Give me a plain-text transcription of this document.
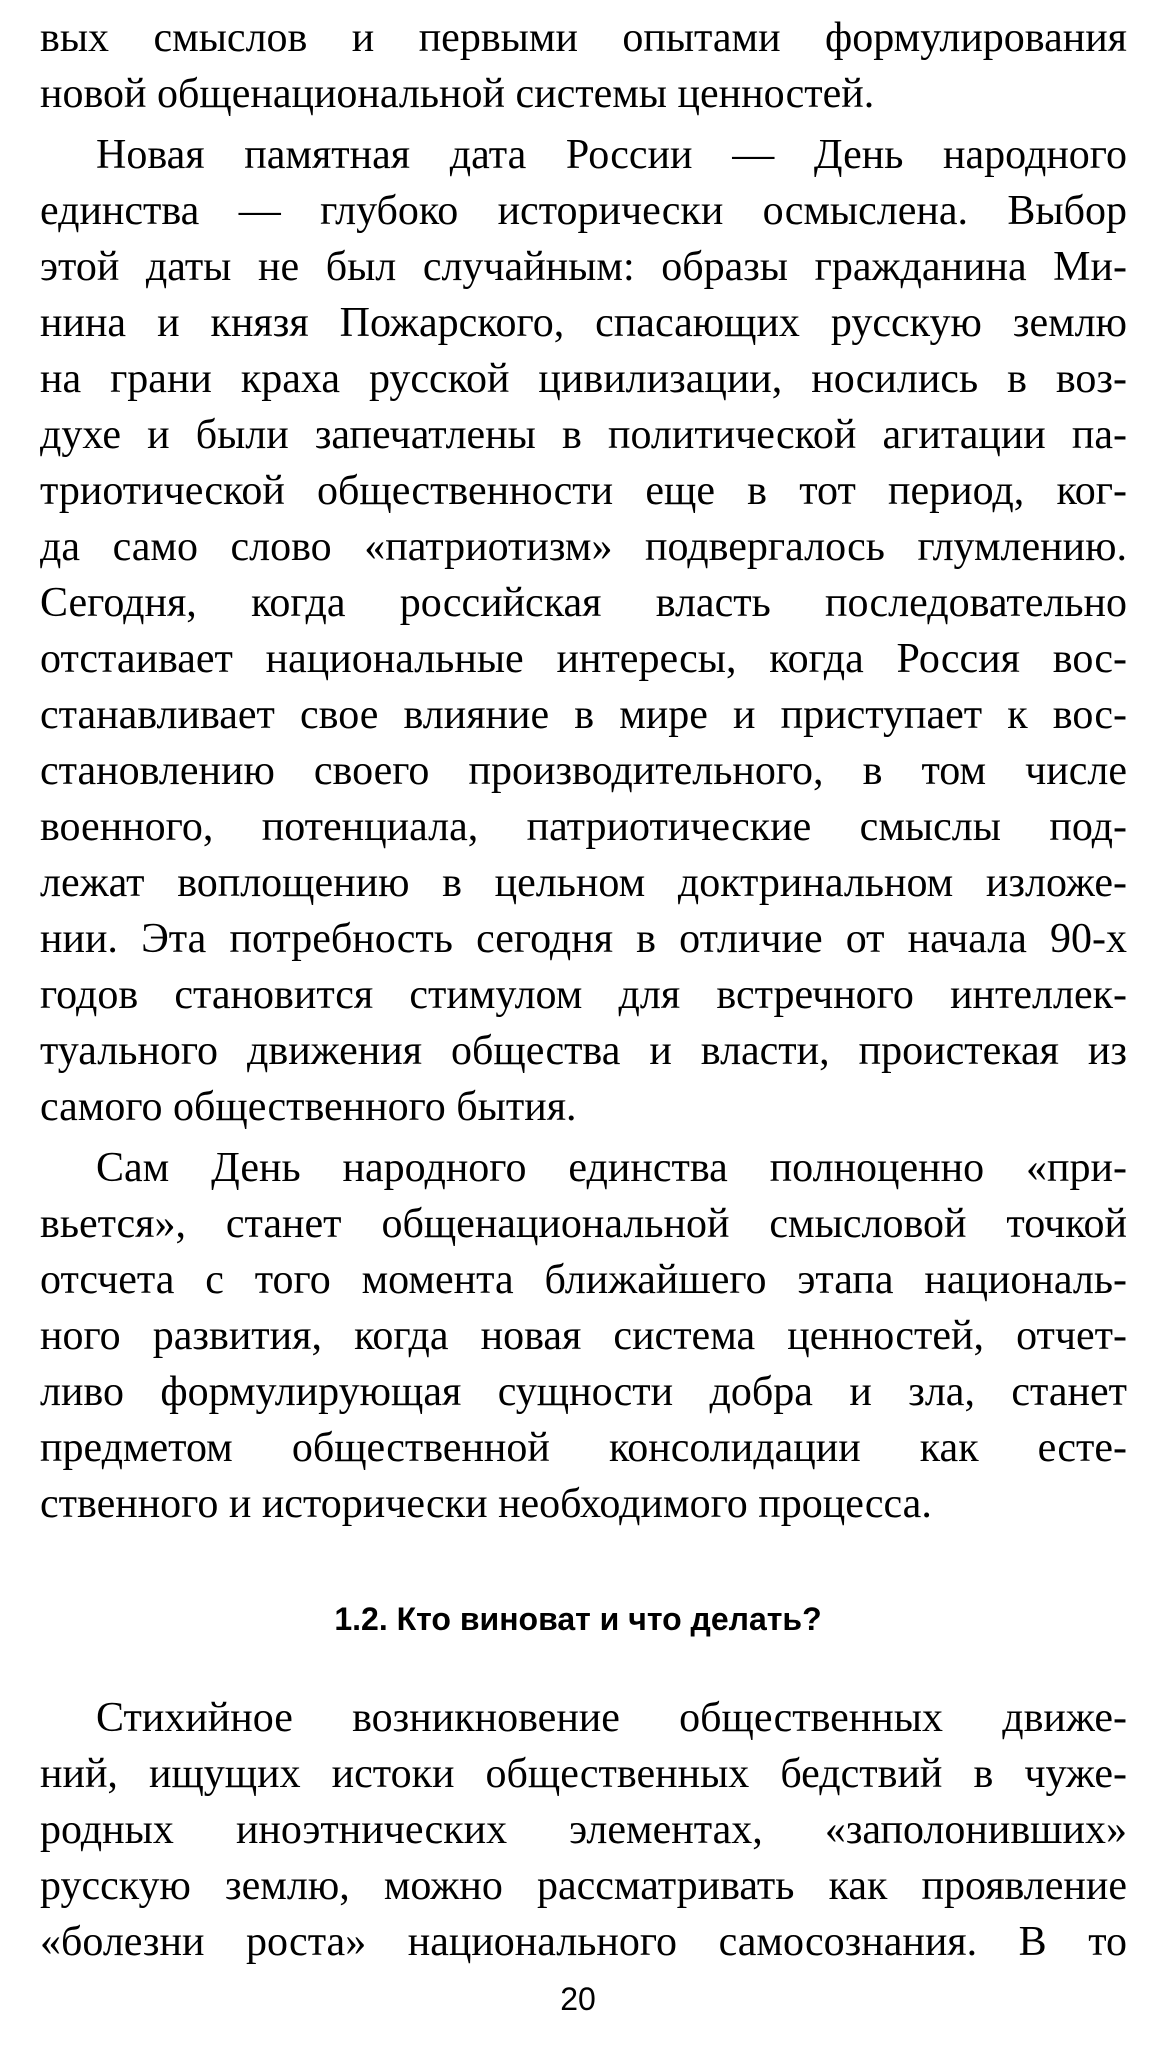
вых смыслов и первыми опытами формулирования
новой общенациональной системы ценностей.
Новая памятная дата России — День народного
единства — глубоко исторически осмыслена. Выбор
этой даты не был случайным: образы гражданина Ми-
нина и князя Пожарского, спасающих русскую землю
на грани краха русской цивилизации, носились в воз-
духе и были запечатлены в политической агитации па-
триотической общественности еще в тот период, ког-
да само слово «патриотизм» подвергалось глумлению.
Сегодня, когда российская власть последовательно
отстаивает национальные интересы, когда Россия вос-
станавливает свое влияние в мире и приступает к вос-
становлению своего производительного, в том числе
военного, потенциала, патриотические смыслы под-
лежат воплощению в цельном доктринальном изложе-
нии. Эта потребность сегодня в отличие от начала 90-х
годов становится стимулом для встречного интеллек-
туального движения общества и власти, проистекая из
самого общественного бытия.
Сам День народного единства полноценно «при-
вьется», станет общенациональной смысловой точкой
отсчета с того момента ближайшего этапа националь-
ного развития, когда новая система ценностей, отчет-
ливо формулирующая сущности добра и зла, станет
предметом общественной консолидации как есте-
ственного и исторически необходимого процесса.
1.2. Кто виноват и что делать?
Стихийное возникновение общественных движе-
ний, ищущих истоки общественных бедствий в чуже-
родных иноэтнических элементах, «заполонивших»
русскую землю, можно рассматривать как проявление
«болезни роста» национального самосознания. В то
20
